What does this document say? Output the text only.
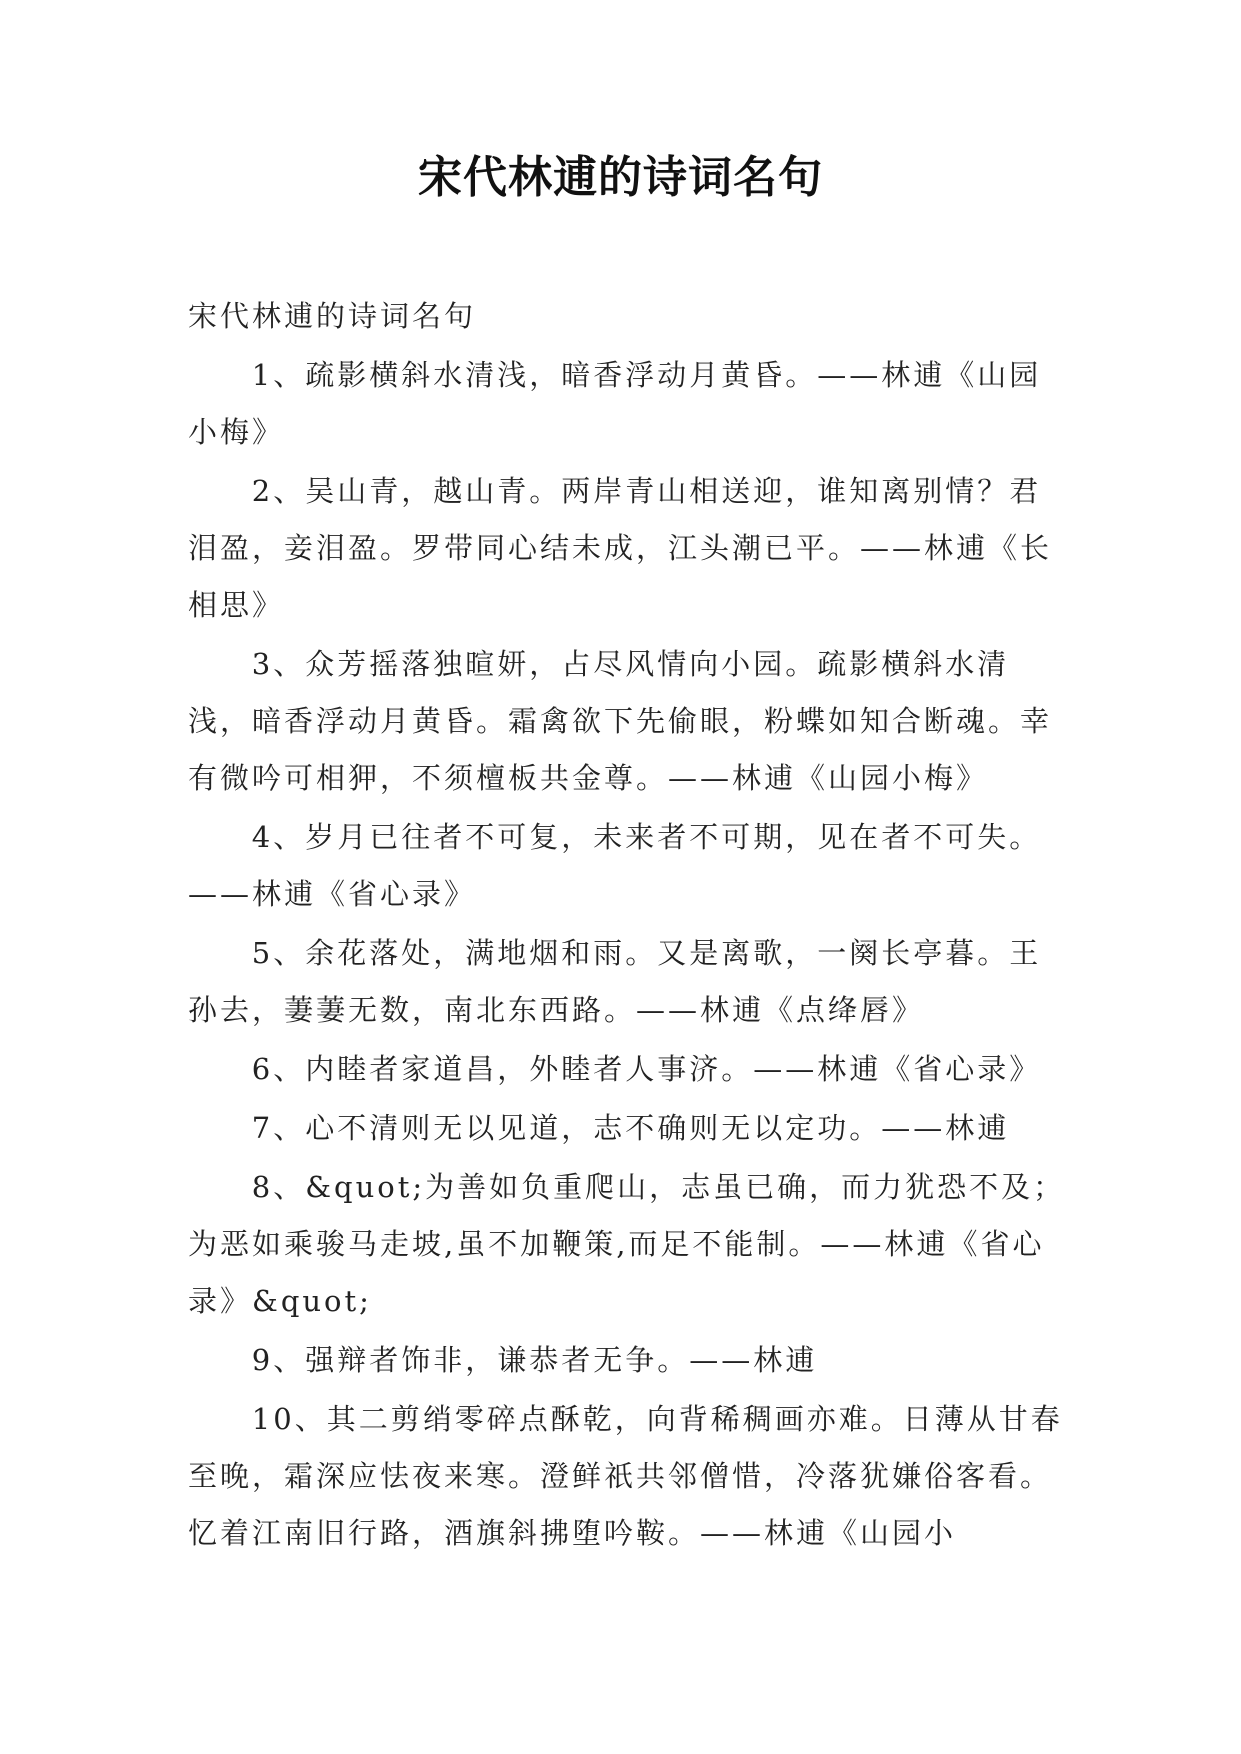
宋代林逋的诗词名句
宋代林逋的诗词名句

1、疏影横斜水清浅，暗香浮动月黄昏。——林逋《山园小梅》

2、吴山青，越山青。两岸青山相送迎，谁知离别情？君泪盈，妾泪盈。罗带同心结未成，江头潮已平。——林逋《长相思》

3、众芳摇落独暄妍，占尽风情向小园。疏影横斜水清浅，暗香浮动月黄昏。霜禽欲下先偷眼，粉蝶如知合断魂。幸有微吟可相狎，不须檀板共金尊。——林逋《山园小梅》

4、岁月已往者不可复，未来者不可期，见在者不可失。——林逋《省心录》

5、余花落处，满地烟和雨。又是离歌，一阕长亭暮。王孙去，萋萋无数，南北东西路。——林逋《点绛唇》

6、内睦者家道昌，外睦者人事济。——林逋《省心录》

7、心不清则无以见道，志不确则无以定功。——林逋

8、&quot;为善如负重爬山，志虽已确，而力犹恐不及；为恶如乘骏马走坡,虽不加鞭策,而足不能制。——林逋《省心录》&quot;

9、强辩者饰非，谦恭者无争。——林逋

10、其二剪绡零碎点酥乾，向背稀稠画亦难。日薄从甘春至晚，霜深应怯夜来寒。澄鲜祇共邻僧惜，冷落犹嫌俗客看。忆着江南旧行路，酒旗斜拂堕吟鞍。——林逋《山园小
